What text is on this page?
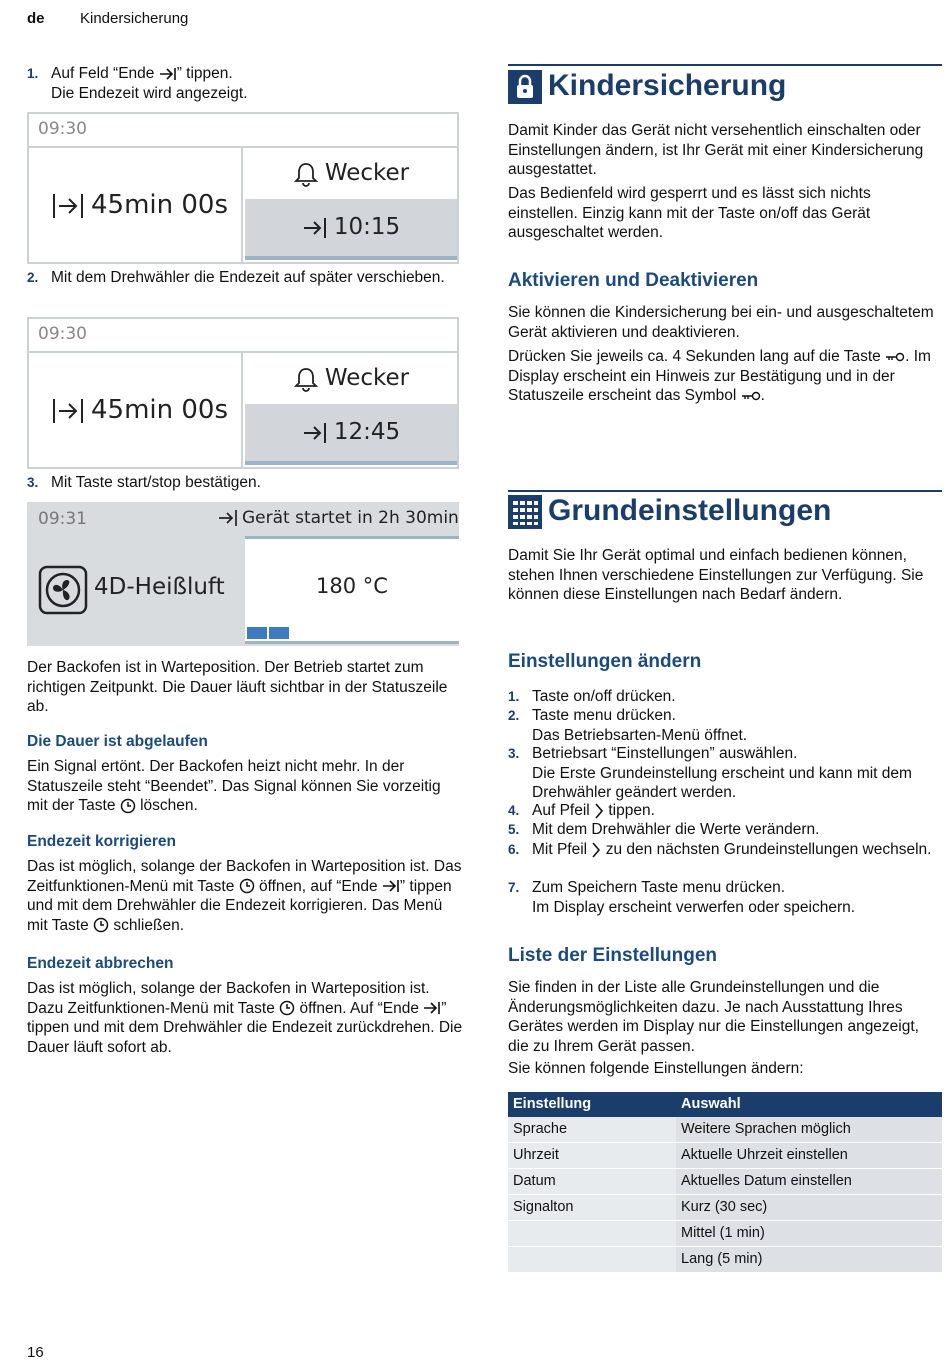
de Kindersicherung
1. Auf Feld “Ende ” tippen.
Die Endezeit wird angezeigt.
09:30
45min 00s
Wecker
10:15
2. Mit dem Drehwähler die Endezeit auf später verschieben.
09:30
45min 00s
Wecker
12:45
3. Mit Taste start/stop bestätigen.
09:31	Gerät startet in 2h 30min
4D-Heißluft	180 °C
Der Backofen ist in Warteposition. Der Betrieb startet zum richtigen Zeitpunkt. Die Dauer läuft sichtbar in der Statuszeile ab.
Die Dauer ist abgelaufen
Ein Signal ertönt. Der Backofen heizt nicht mehr. In der Statuszeile steht “Beendet”. Das Signal können Sie vorzeitig mit der Taste  löschen.
Endezeit korrigieren
Das ist möglich, solange der Backofen in Warteposition ist. Das Zeitfunktionen-Menü mit Taste  öffnen, auf “Ende ” tippen und mit dem Drehwähler die Endezeit korrigieren. Das Menü mit Taste  schließen.
Endezeit abbrechen
Das ist möglich, solange der Backofen in Warteposition ist. Dazu Zeitfunktionen-Menü mit Taste  öffnen. Auf “Ende ” tippen und mit dem Drehwähler die Endezeit zurückdrehen. Die Dauer läuft sofort ab.
Kindersicherung
Damit Kinder das Gerät nicht versehentlich einschalten oder Einstellungen ändern, ist Ihr Gerät mit einer Kindersicherung ausgestattet.
Das Bedienfeld wird gesperrt und es lässt sich nichts einstellen. Einzig kann mit der Taste on/off das Gerät ausgeschaltet werden.
Aktivieren und Deaktivieren
Sie können die Kindersicherung bei ein- und ausgeschaltetem Gerät aktivieren und deaktivieren.
Drücken Sie jeweils ca. 4 Sekunden lang auf die Taste . Im Display erscheint ein Hinweis zur Bestätigung und in der Statuszeile erscheint das Symbol .
Grundeinstellungen
Damit Sie Ihr Gerät optimal und einfach bedienen können, stehen Ihnen verschiedene Einstellungen zur Verfügung. Sie können diese Einstellungen nach Bedarf ändern.
Einstellungen ändern
1. Taste on/off drücken.
2. Taste menu drücken.
Das Betriebsarten-Menü öffnet.
3. Betriebsart “Einstellungen” auswählen.
Die Erste Grundeinstellung erscheint und kann mit dem Drehwähler geändert werden.
4. Auf Pfeil  tippen.
5. Mit dem Drehwähler die Werte verändern.
6. Mit Pfeil  zu den nächsten Grundeinstellungen wechseln.
7. Zum Speichern Taste menu drücken.
Im Display erscheint verwerfen oder speichern.
Liste der Einstellungen
Sie finden in der Liste alle Grundeinstellungen und die Änderungsmöglichkeiten dazu. Je nach Ausstattung Ihres Gerätes werden im Display nur die Einstellungen angezeigt, die zu Ihrem Gerät passen.
Sie können folgende Einstellungen ändern:
Einstellung	Auswahl
Sprache	Weitere Sprachen möglich
Uhrzeit	Aktuelle Uhrzeit einstellen
Datum	Aktuelles Datum einstellen
Signalton	Kurz (30 sec)
	Mittel (1 min)
	Lang (5 min)
16
